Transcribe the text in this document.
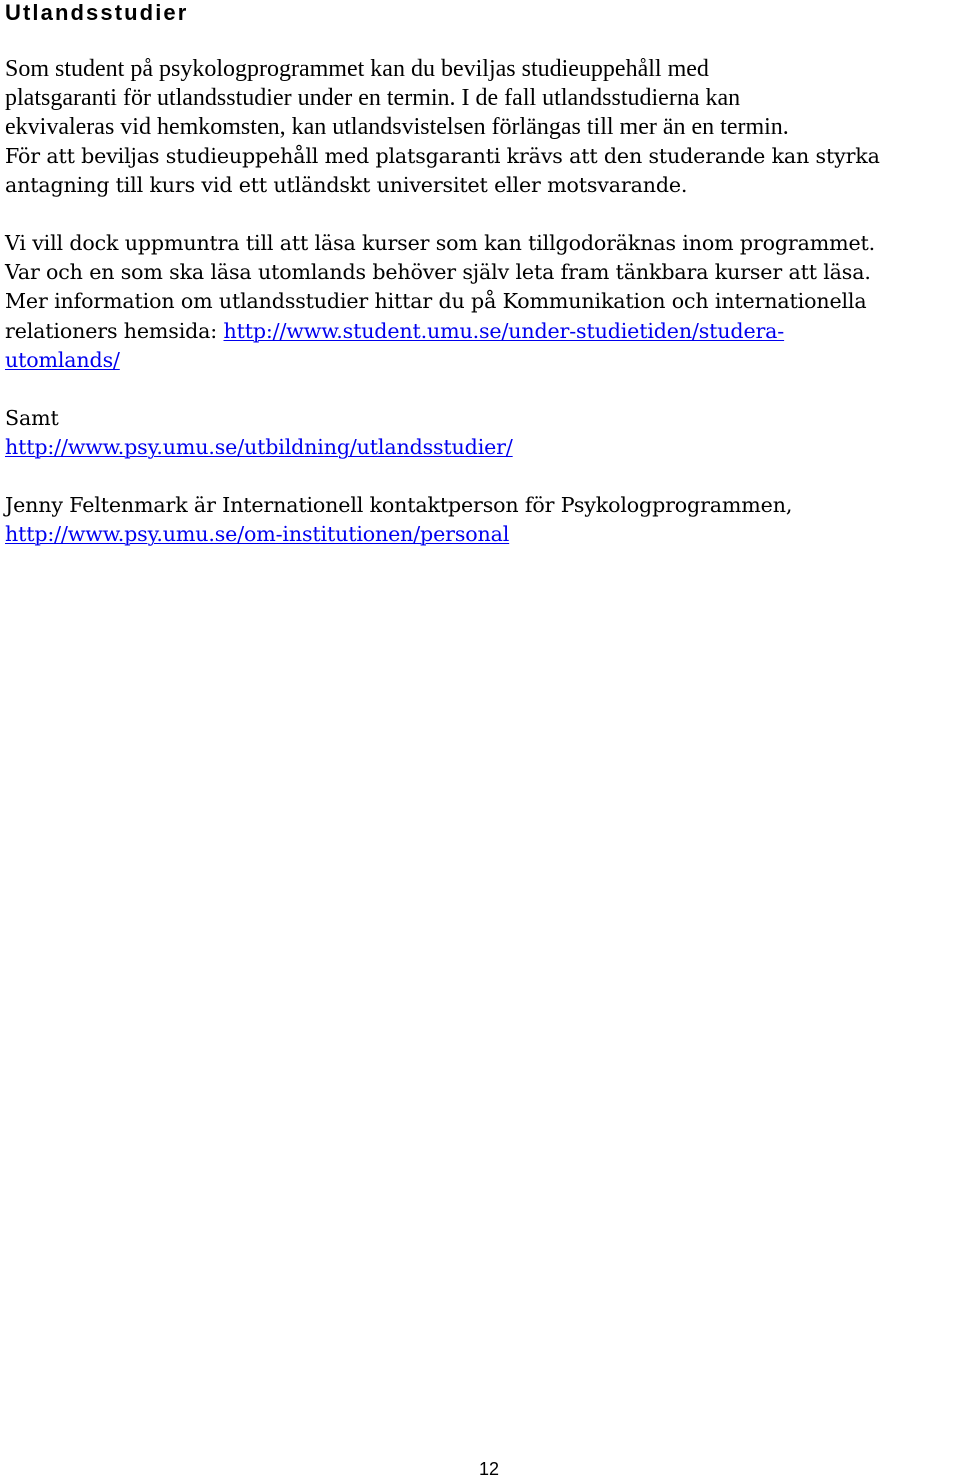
Utlandsstudier

Som student på psykologprogrammet kan du beviljas studieuppehåll med

platsgaranti för utlandsstudier under en termin. I de fall utlandsstudierna kan

ekvivaleras vid hemkomsten, kan utlandsvistelsen förlängas till mer än en termin.

För att beviljas studieuppehåll med platsgaranti krävs att den studerande kan styrka

antagning till kurs vid ett utländskt universitet eller motsvarande.

Vi vill dock uppmuntra till att läsa kurser som kan tillgodoräknas inom programmet.

Var och en som ska läsa utomlands behöver själv leta fram tänkbara kurser att läsa.

Mer information om utlandsstudier hittar du på Kommunikation och internationella

relationers hemsida: http://www.student.umu.se/under-studietiden/studera-

utomlands/

Samt

http://www.psy.umu.se/utbildning/utlandsstudier/

Jenny Feltenmark är Internationell kontaktperson för Psykologprogrammen,

http://www.psy.umu.se/om-institutionen/personal

12
